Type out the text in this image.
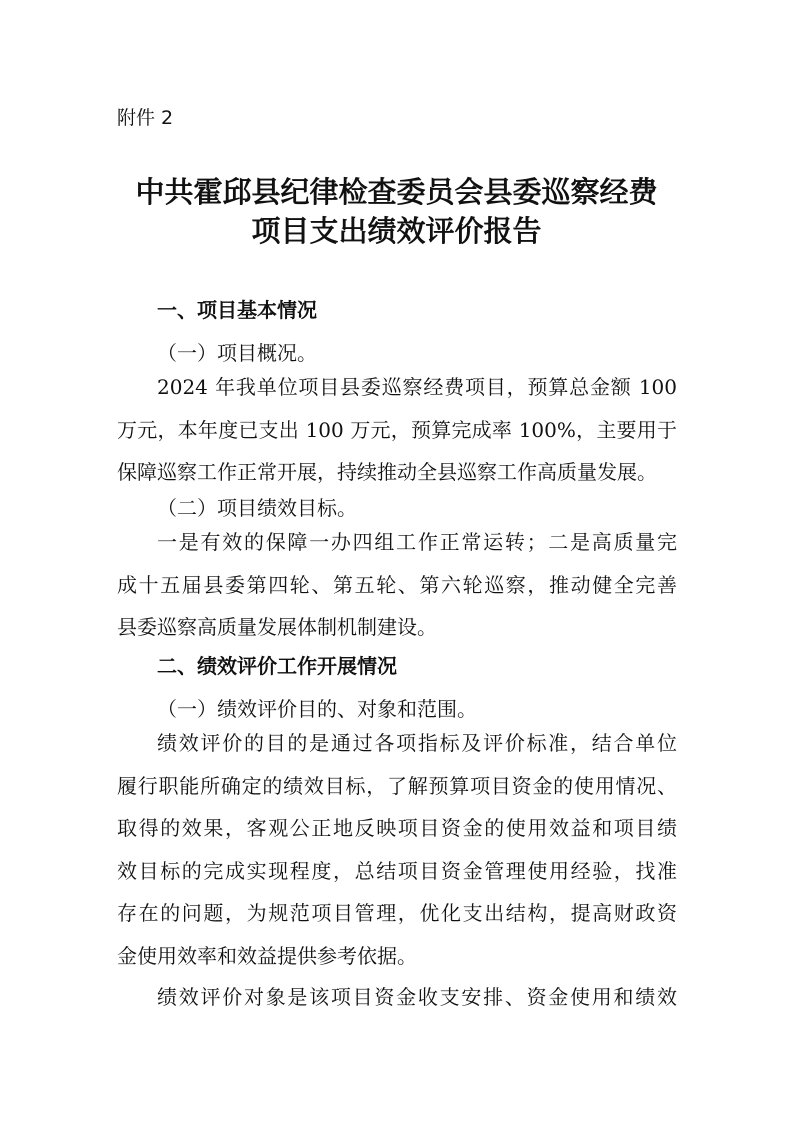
附件 2
中共霍邱县纪律检查委员会县委巡察经费
项目支出绩效评价报告
一、项目基本情况
（一）项目概况。
2024 年我单位项目县委巡察经费项目，预算总金额 100
万元，本年度已支出 100 万元，预算完成率 100%，主要用于
保障巡察工作正常开展，持续推动全县巡察工作高质量发展。
（二）项目绩效目标。
一是有效的保障一办四组工作正常运转；二是高质量完
成十五届县委第四轮、第五轮、第六轮巡察，推动健全完善
县委巡察高质量发展体制机制建设。
二、绩效评价工作开展情况
（一）绩效评价目的、对象和范围。
绩效评价的目的是通过各项指标及评价标准，结合单位
履行职能所确定的绩效目标，了解预算项目资金的使用情况、
取得的效果，客观公正地反映项目资金的使用效益和项目绩
效目标的完成实现程度，总结项目资金管理使用经验，找准
存在的问题，为规范项目管理，优化支出结构，提高财政资
金使用效率和效益提供参考依据。
绩效评价对象是该项目资金收支安排、资金使用和绩效
